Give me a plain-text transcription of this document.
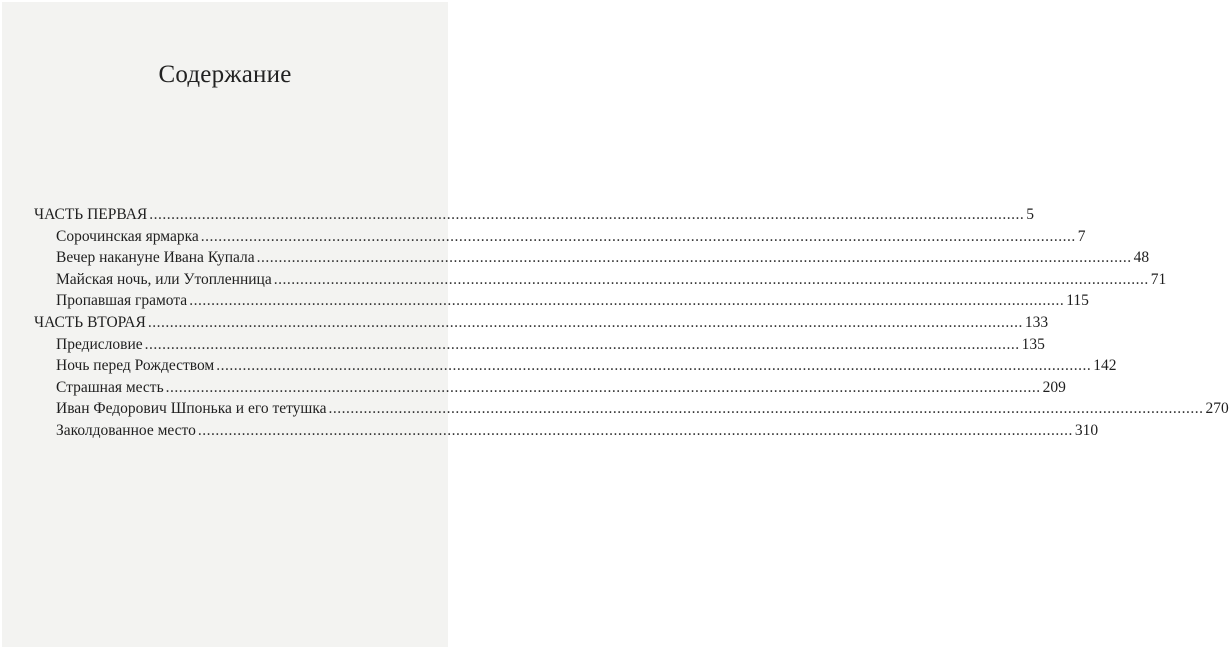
Содержание
ЧАСТЬ ПЕРВАЯ ........................................................................................................................................................................................................ 5
Сорочинская ярмарка ........................................................................................................................................................................................................ 7
Вечер накануне Ивана Купала ........................................................................................................................................................................................................ 48
Майская ночь, или Утопленница ........................................................................................................................................................................................................ 71
Пропавшая грамота ........................................................................................................................................................................................................ 115
ЧАСТЬ ВТОРАЯ ........................................................................................................................................................................................................ 133
Предисловие ........................................................................................................................................................................................................ 135
Ночь перед Рождеством ........................................................................................................................................................................................................ 142
Страшная месть ........................................................................................................................................................................................................ 209
Иван Федорович Шпонька и его тетушка ........................................................................................................................................................................................................ 270
Заколдованное место ........................................................................................................................................................................................................ 310
